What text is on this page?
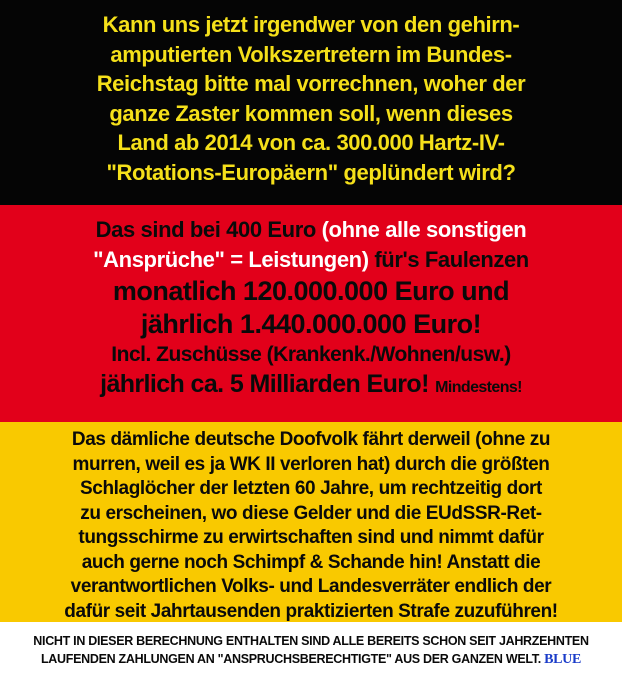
Kann uns jetzt irgendwer von den gehirn-
amputierten Volkszertretern im Bundes-
Reichstag bitte mal vorrechnen, woher der
ganze Zaster kommen soll, wenn dieses
Land ab 2014 von ca. 300.000 Hartz-IV-
"Rotations-Europäern" geplündert wird?
Das sind bei 400 Euro (ohne alle sonstigen
"Ansprüche" = Leistungen) für's Faulenzen
monatlich 120.000.000 Euro und
jährlich 1.440.000.000 Euro!
Incl. Zuschüsse (Krankenk./Wohnen/usw.)
jährlich ca. 5 Milliarden Euro! Mindestens!
Das dämliche deutsche Doofvolk fährt derweil (ohne zu
murren, weil es ja WK II verloren hat) durch die größten
Schlaglöcher der letzten 60 Jahre, um rechtzeitig dort
zu erscheinen, wo diese Gelder und die EUdSSR-Ret-
tungsschirme zu erwirtschaften sind und nimmt dafür
auch gerne noch Schimpf & Schande hin! Anstatt die
verantwortlichen Volks- und Landesverräter endlich der
dafür seit Jahrtausenden praktizierten Strafe zuzuführen!
NICHT IN DIESER BERECHNUNG ENTHALTEN SIND ALLE BEREITS SCHON SEIT JAHRZEHNTEN
LAUFENDEN ZAHLUNGEN AN "ANSPRUCHSBERECHTIGTE" AUS DER GANZEN WELT. BLUE
